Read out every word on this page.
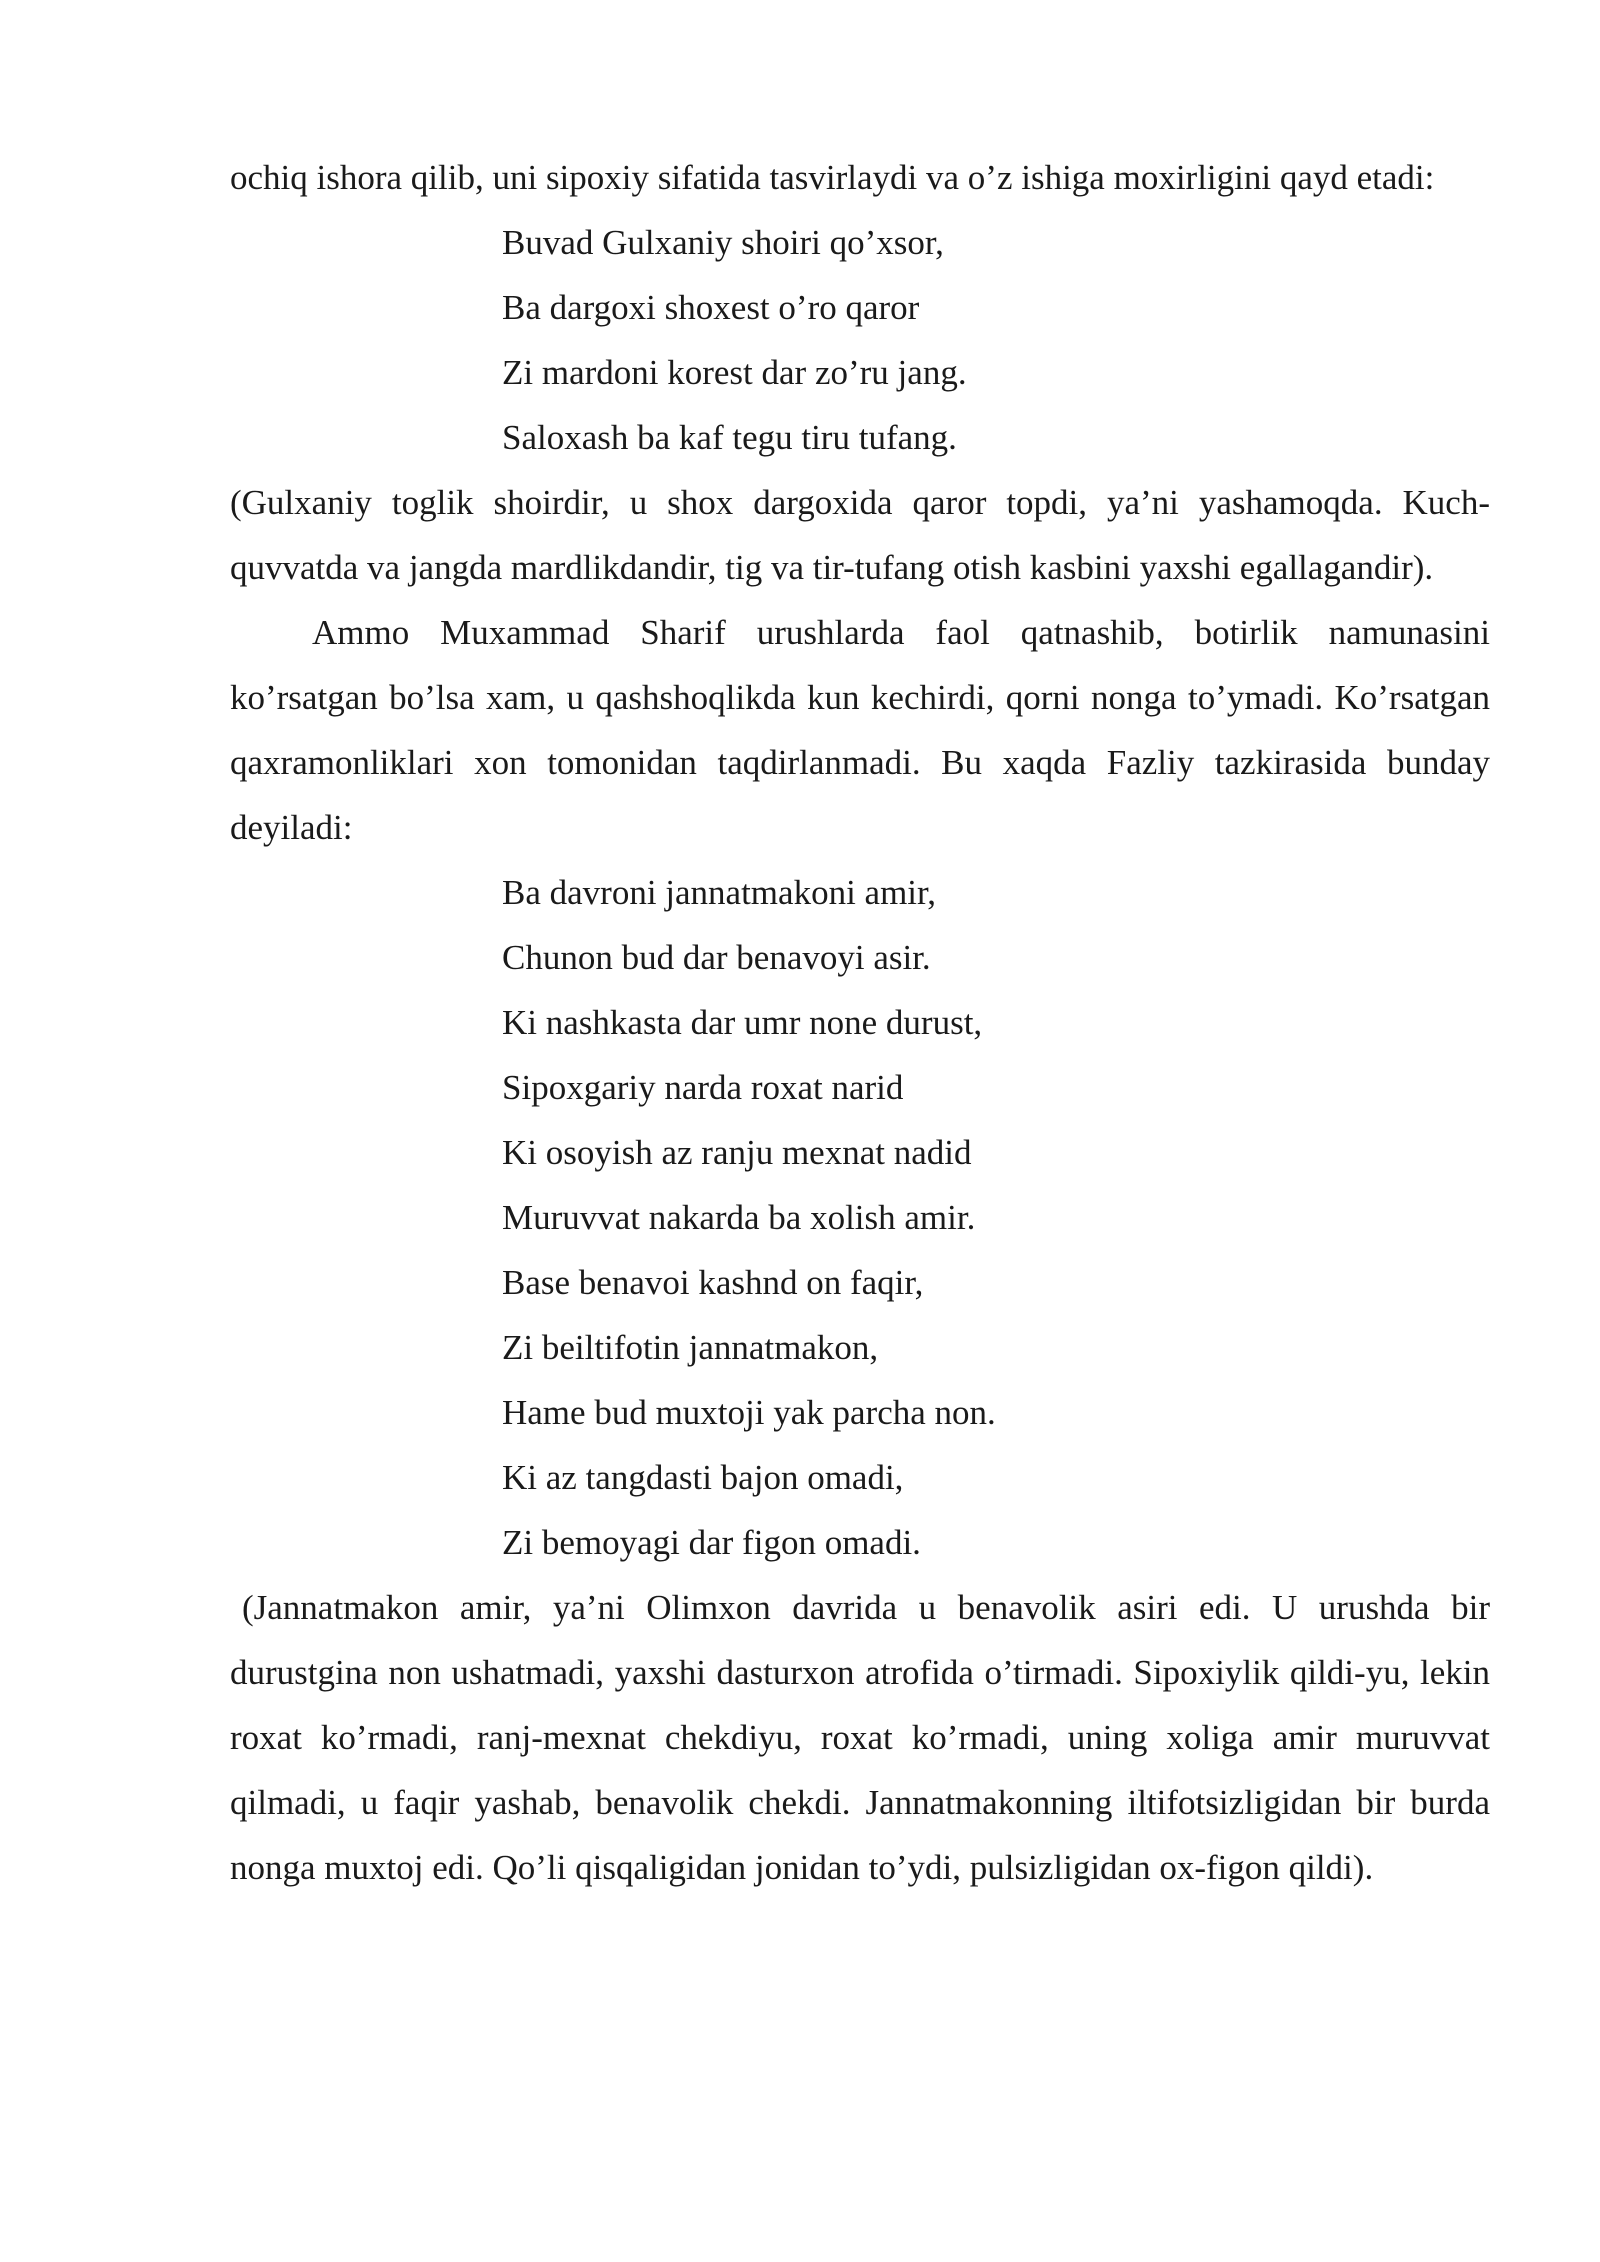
ochiq ishora qilib, uni sipoxiy sifatida tasvirlaydi va o’z ishiga moxirligini qayd etadi:

Buvad Gulxaniy shoiri qo’xsor,
Ba dargoxi shoxest o’ro qaror
Zi mardoni korest dar zo’ru jang.
Saloxash ba kaf tegu tiru tufang.

(Gulxaniy toglik shoirdir, u shox dargoxida qaror topdi, ya’ni yashamoqda. Kuch-quvvatda va jangda mardlikdandir, tig va tir-tufang otish kasbini yaxshi egallagandir).

Ammo Muxammad Sharif urushlarda faol qatnashib, botirlik namunasini ko’rsatgan bo’lsa xam, u qashshoqlikda kun kechirdi, qorni nonga to’ymadi. Ko’rsatgan qaxramonliklari xon tomonidan taqdirlanmadi. Bu xaqda Fazliy tazkirasida bunday deyiladi:

Ba davroni jannatmakoni amir,
Chunon bud dar benavoyi asir.
Ki nashkasta dar umr none durust,
Sipoxgariy narda roxat narid
Ki osoyish az ranju mexnat nadid
Muruvvat nakarda ba xolish amir.
Base benavoi kashnd on faqir,
Zi beiltifotin jannatmakon,
Hame bud muxtoji yak parcha non.
Ki az tangdasti bajon omadi,
Zi bemoyagi dar figon omadi.

(Jannatmakon amir, ya’ni Olimxon davrida u benavolik asiri edi. U urushda bir durustgina non ushatmadi, yaxshi dasturxon atrofida o’tirmadi. Sipoxiylik qildi-yu, lekin roxat ko’rmadi, ranj-mexnat chekdiyu, roxat ko’rmadi, uning xoliga amir muruvvat qilmadi, u faqir yashab, benavolik chekdi. Jannatmakonning iltifotsizligidan bir burda nonga muxtoj edi. Qo’li qisqaligidan jonidan to’ydi, pulsizligidan ox-figon qildi).
